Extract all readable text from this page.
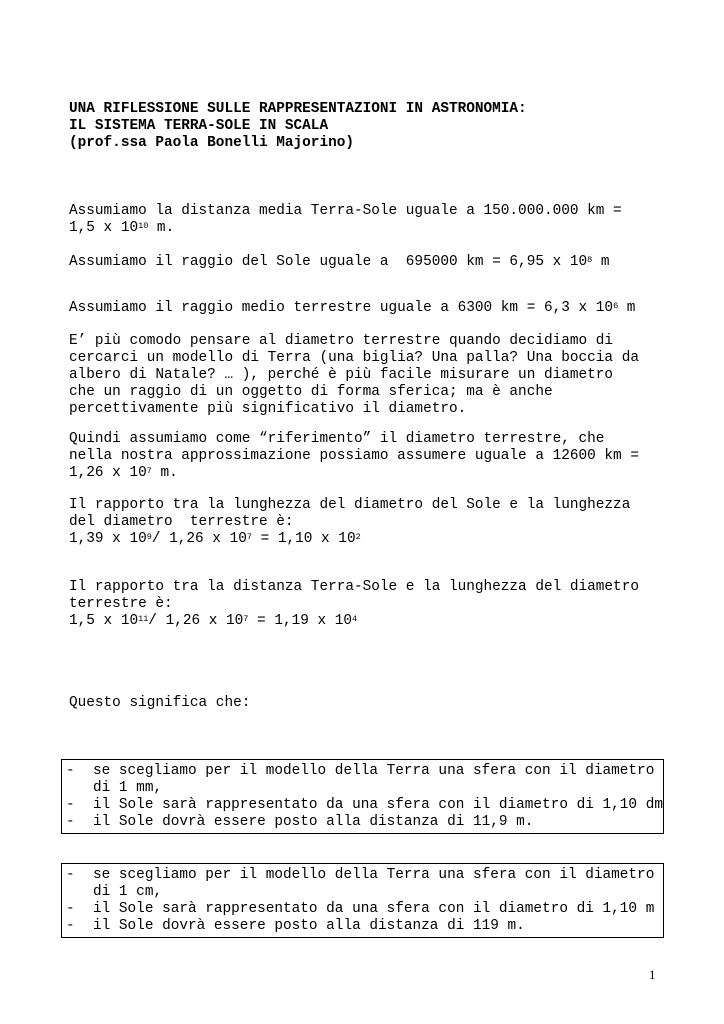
UNA RIFLESSIONE SULLE RAPPRESENTAZIONI IN ASTRONOMIA:
IL SISTEMA TERRA-SOLE IN SCALA
(prof.ssa Paola Bonelli Majorino)
Assumiamo la distanza media Terra-Sole uguale a 150.000.000 km =
1,5 x $10^{10}$ m.
Assumiamo il raggio del Sole uguale a  695000 km = 6,95 x $10^8$ m
Assumiamo il raggio medio terrestre uguale a 6300 km = 6,3 x $10^6$ m
E’ più comodo pensare al diametro terrestre quando decidiamo di
cercarci un modello di Terra (una biglia? Una palla? Una boccia da
albero di Natale? … ), perché è più facile misurare un diametro
che un raggio di un oggetto di forma sferica; ma è anche
percettivamente più significativo il diametro.
Quindi assumiamo come “riferimento” il diametro terrestre, che
nella nostra approssimazione possiamo assumere uguale a 12600 km =
1,26 x $10^7$ m.
Il rapporto tra la lunghezza del diametro del Sole e la lunghezza
del diametro  terrestre è:
1,39 x $10^9/$ 1,26 x $10^7 = 1,10$ x $10^2$
Il rapporto tra la distanza Terra-Sole e la lunghezza del diametro
terrestre è:
1,5 x $10^{11}/$ 1,26 x $10^7 = 1,19$ x $10^4$
Questo significa che:
- se scegliamo per il modello della Terra una sfera con il diametro di 1 mm,
- il Sole sarà rappresentato da una sfera con il diametro di 1,10 dm
- il Sole dovrà essere posto alla distanza di 11,9 m.
- se scegliamo per il modello della Terra una sfera con il diametro di 1 cm,
- il Sole sarà rappresentato da una sfera con il diametro di 1,10 m
- il Sole dovrà essere posto alla distanza di 119 m.
1
